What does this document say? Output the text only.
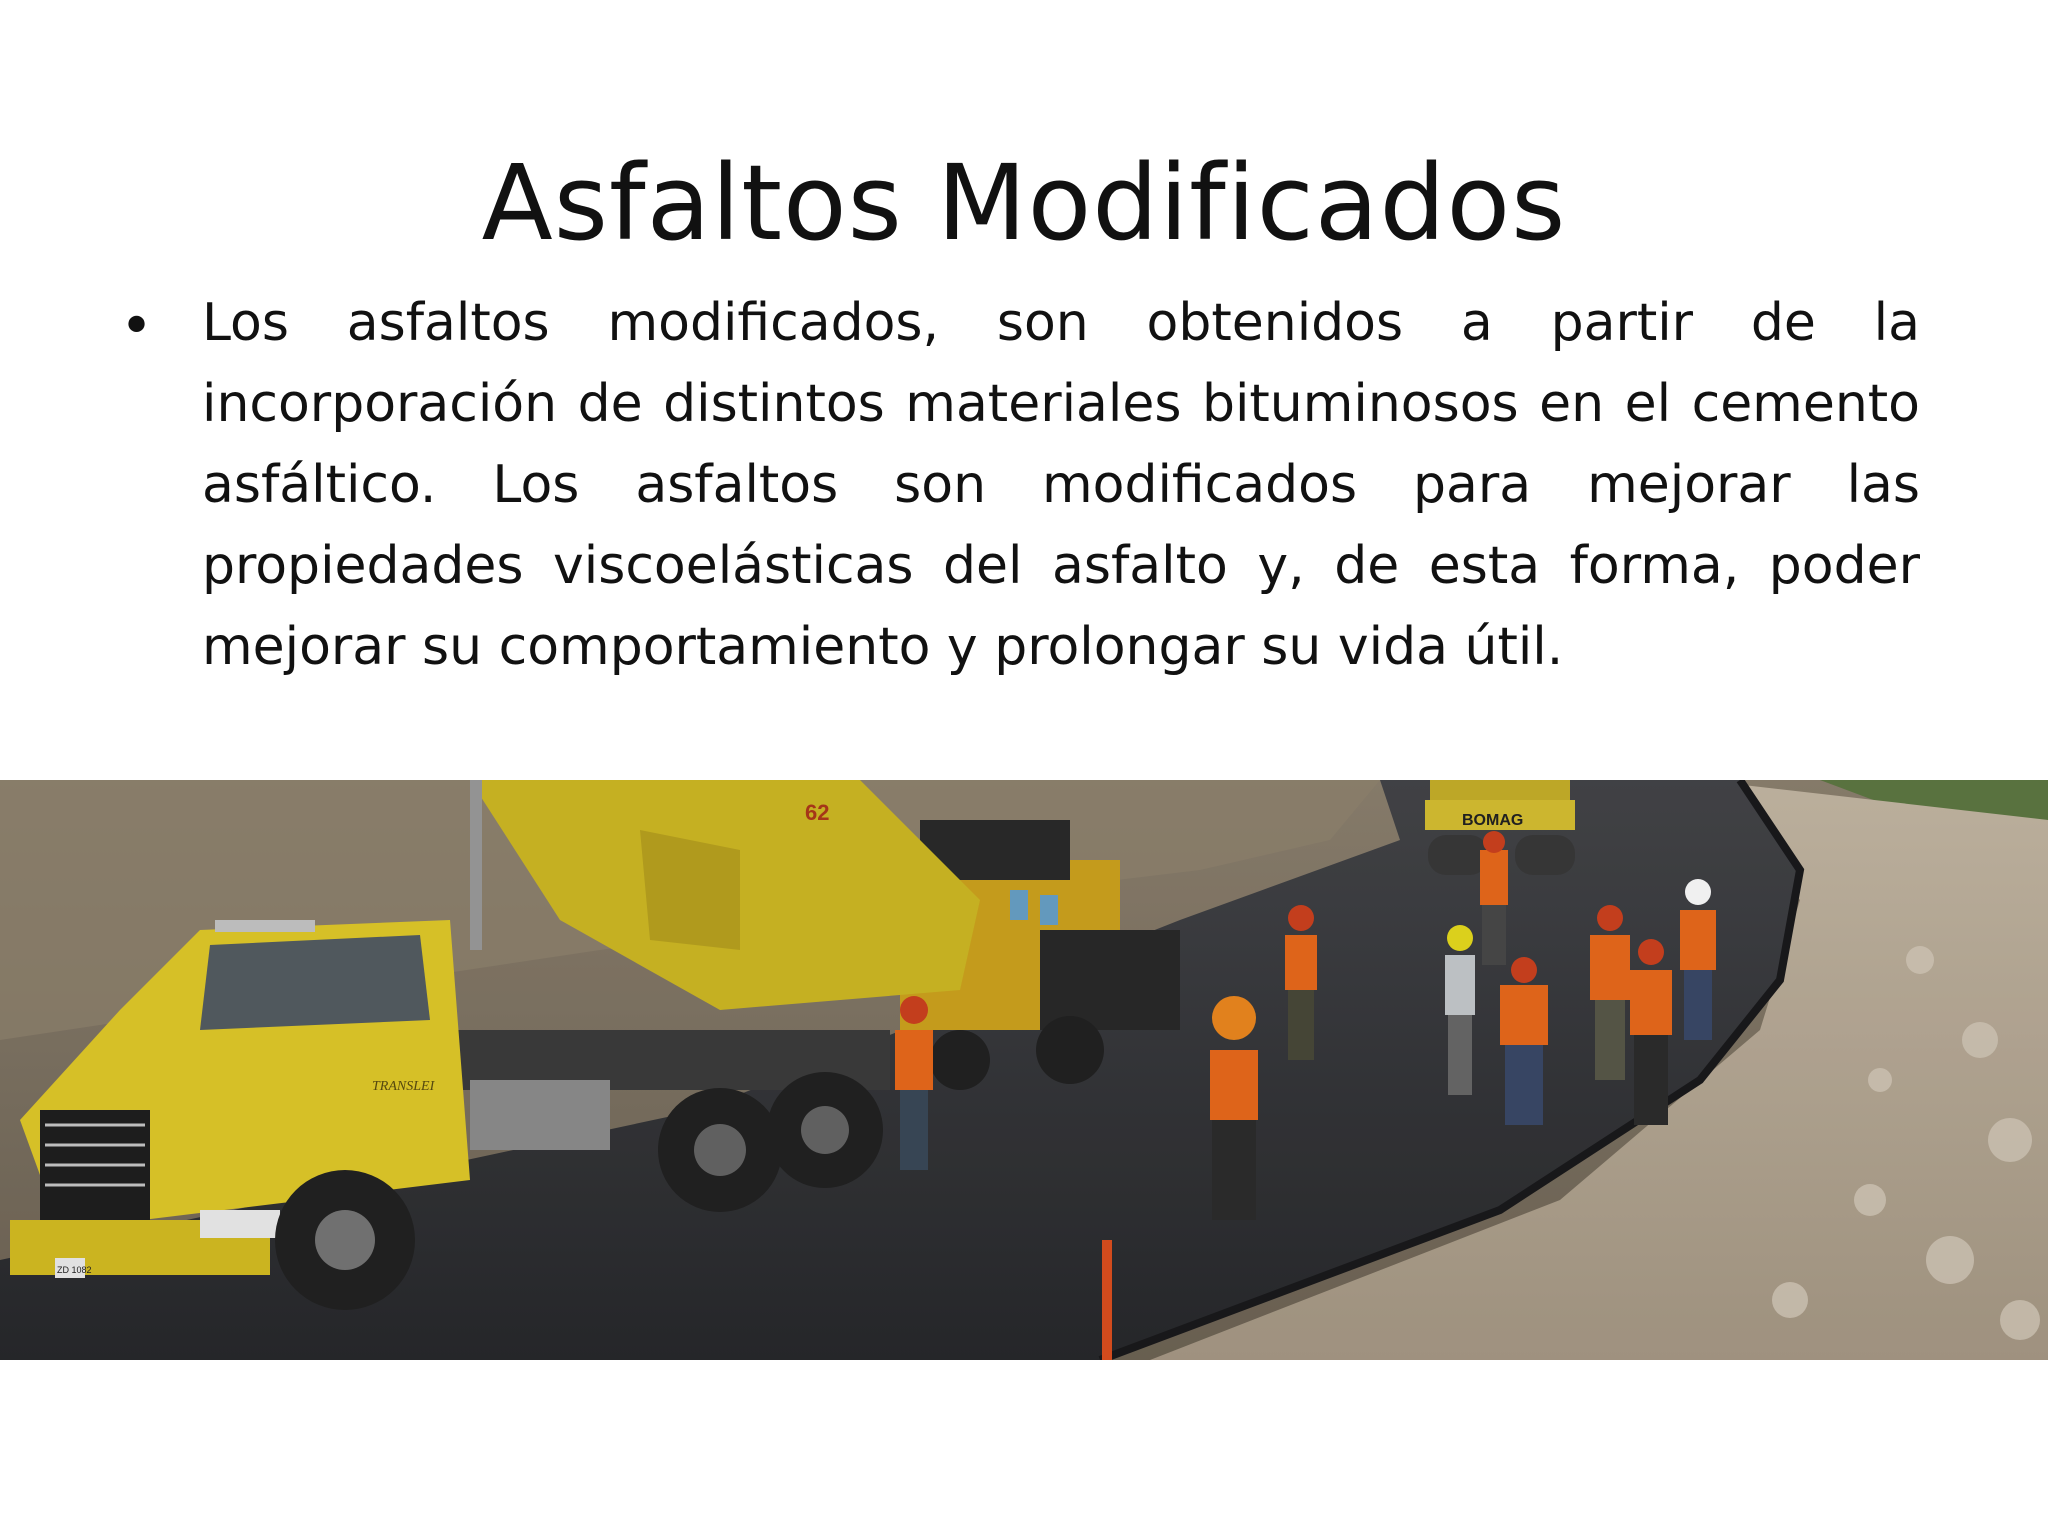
Asfaltos Modificados
• Los asfaltos modificados, son obtenidos a partir de la incorporación de distintos materiales bituminosos en el cemento asfáltico. Los asfaltos son modificados para mejorar las propiedades viscoelásticas del asfalto y, de esta forma, poder mejorar su comportamiento y prolongar su vida útil.

BOMAG
62
ZD 1082
TRANSLEI
